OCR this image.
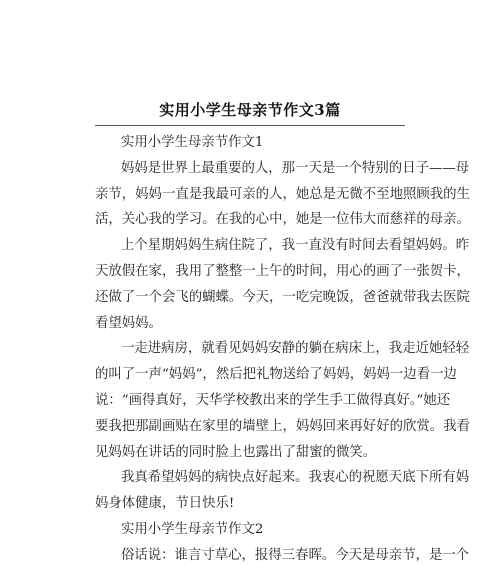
实用小学生母亲节作文3篇
实用小学生母亲节作文1
妈妈是世界上最重要的人，那一天是一个特别的日子——母
亲节，妈妈一直是我最可亲的人，她总是无微不至地照顾我的生
活，关心我的学习。在我的心中，她是一位伟大而慈祥的母亲。
上个星期妈妈生病住院了，我一直没有时间去看望妈妈。昨
天放假在家，我用了整整一上午的时间，用心的画了一张贺卡，
还做了一个会飞的蝴蝶。今天，一吃完晚饭，爸爸就带我去医院
看望妈妈。
一走进病房，就看见妈妈安静的躺在病床上，我走近她轻轻
的叫了一声“妈妈”，然后把礼物送给了妈妈，妈妈一边看一边
说：“画得真好，天华学校教出来的学生手工做得真好。”她还
要我把那副画贴在家里的墙壁上，妈妈回来再好好的欣赏。我看
见妈妈在讲话的同时脸上也露出了甜蜜的微笑。
我真希望妈妈的病快点好起来。我衷心的祝愿天底下所有妈
妈身体健康，节日快乐!
实用小学生母亲节作文2
俗话说：谁言寸草心，报得三春晖。今天是母亲节，是一个
